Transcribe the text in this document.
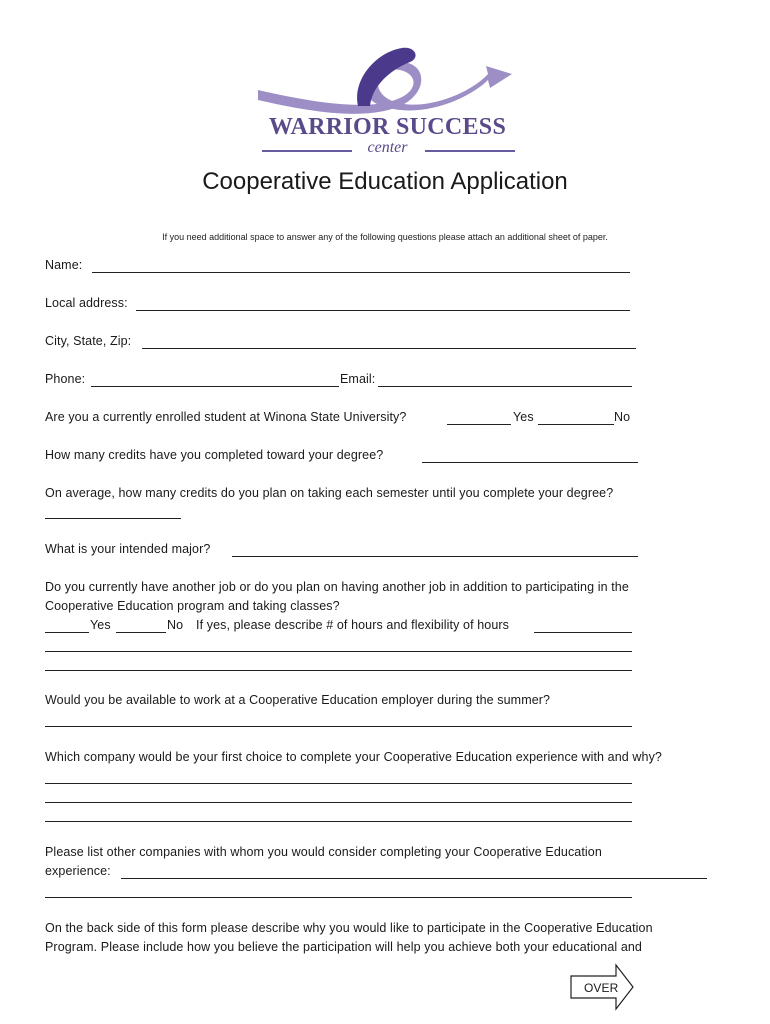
WARRIOR SUCCESS
center
Cooperative Education Application
If you need additional space to answer any of the following questions please attach an additional sheet of paper.
Name:
Local address:
City, State, Zip:
Phone:	Email:
Are you a currently enrolled student at Winona State University?	Yes	No
How many credits have you completed toward your degree?
On average, how many credits do you plan on taking each semester until you complete your degree?
What is your intended major?
Do you currently have another job or do you plan on having another job in addition to participating in the
Cooperative Education program and taking classes?
Yes	No If yes, please describe # of hours and flexibility of hours
Would you be available to work at a Cooperative Education employer during the summer?
Which company would be your first choice to complete your Cooperative Education experience with and why?
Please list other companies with whom you would consider completing your Cooperative Education
experience:
On the back side of this form please describe why you would like to participate in the Cooperative Education
Program. Please include how you believe the participation will help you achieve both your educational and
OVER
